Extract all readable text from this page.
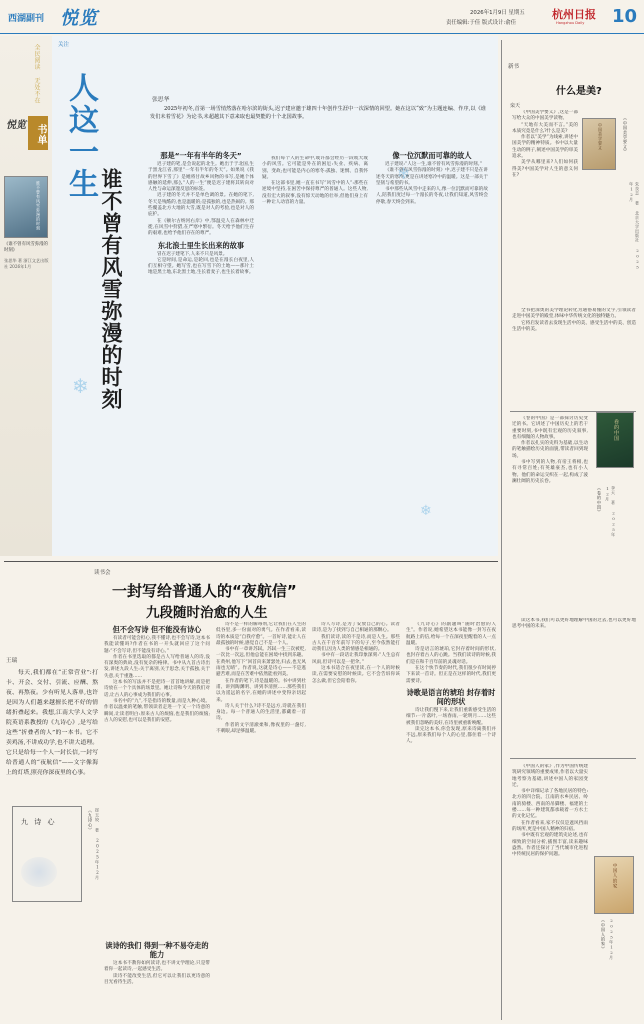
西湖副刊 悦览	2026年1月9日 星期五
责任编辑:于佳 版式设计:俞佳
杭州日报
Hangzhou Daily 10
全民阅读 无处不在
悦览 书单
谁不曾有风雪弥漫的时刻
《谁不曾有风雪弥漫的时刻》
张思华 著 浙江文艺出版社 2026年1月
关注
人这一生
谁不曾有风雪弥漫的时刻
张思华
2025年初冬,首第一场雪悄然落在哈尔滨的街头,迟子建应邀于雄四十年创作生涯中一次深情的回望。她在这以“致”为主题连编、作序,以《谁发们未着雪花》为论书,未超越其下意来取也最契能的十个北国故事。
❄
❄
❄
那是“一年有半年的冬天”

迟子建的笔,是会说起的北生。她出于于北国,生于黑龙江省,那里“一年有半年的冬天”。如果说《我的世界下雪了》是她将甘故乡风物的书写,是她个体感触的延伸,那么“人的一生”便是迟子建将其转向对人性与命运深邃反思的标签。

迟子建的冬天并不是单色调的景。在她的笔下,冬天是残酷的,也是温暖的;是孤独的,也是热闹的。那些覆盖北方大地的大雪,既是对人的考验,也是对人的庇护。

在《额尔古纳河右岸》中,鄂温克人在森林中迁徙,在风雪中狩猎,在严寒中繁衍。冬天给予他们生存的艰难,也给予他们存在的尊严。

东北浪士里生长出来的故事

冒在迟子建笔下,人来不只是风景。

它是时间,是命运,是轮回,也是在漫长白夜里,人们互相守望。她写雪,也在写雪下的土地——那片土地是黑土地,东北黑土地,生长着麦子,也生长着故事。

我们每个人的生命中,或许都会经历一段或大或小的风雪。它可能是外在的困厄:失业、疾病、离别、变故;也可能是内心的寒冬:孤独、迷惘、自我怀疑。

在这部书里,她一直在书写“风雪中的人”:那些在逆境中坚持,在困苦中保持尊严的普通人。这些人物,没有宏大的叙事,没有惊天动地的壮举,但他们身上有一种让人动容的力量。

像一位沉默而可靠的故人

迟子建说:“人这一生,谁不曾有风雪弥漫的时刻。”

《谁不曾有风雪弥漫的时刻》中,迟子建不只是在讲述冬天的寒冷,更是在讲述寒冷中的温暖。这是一部关于坚韧与希望的书。

书中那些从风雪中走来的人,像一位沉默而可靠的故人,陪我们度过每一个漫长的冬夜,让我们知道,风雪终会停歇,春天终会到来。

新书
什么是美?
栾天

《中国美学要义》,这是一部写给大众的中国美学读物。

“天地有大美而不言。”美的本质究竟是什么?什么是美?

作者以“美学”为线索,讲述中国美学的精神特质。书中以大量生动的例子,阐述中国美学的审美追求。

美学从哪里来?人们如何获得美?中国美学对人生的意义何在?

中国美学要义	《中国美学要义》
朱良志 著 北京大学出版社 2025年12月

全书把深奥的美学理论转化为通俗易懂的文字,引领读者走进中国美学的殿堂,体味中华传统文化的独特魅力。

它将启发读者去发现生活中的美、感受生活中的美、创造生活中的美。

《卷的中国》是一部探讨历史变迁的书。它讲述了中国历史上的若干重要时刻,书中既有宏观的历史叙事,也有细微的人物故事。

作者以扎实的史料为基础,以生动的笔触描绘历史的面貌,带读者回到现场。

书中写到的人物,有帝王将相,也有寻常百姓;有英雄豪杰,也有小人物。他们的命运交织在一起,构成了波澜壮阔的历史长卷。

卷的中国
《卷的中国》	李天 著 2025年12月

读这本书,我们可以更好地理解中国的过去,也可以更好地思考中国的未来。

《中国人的家》,作为中国传统建筑研究领域的重要成果,作者以大量实地考察为基础,讲述中国人的家园变迁。

书中详细记录了各地民居的特色:北方的四合院、江南的水乡民居、岭南的骑楼、西南的吊脚楼、福建的土楼……每一种建筑都承载着一方水土的文化记忆。

在作者看来,家不仅仅是遮风挡雨的场所,更是中国人精神的归宿。

书中既有宏观的建筑史论述,也有细致的空间分析,插图丰富,读来趣味盎然。作者还探讨了当代城市化进程中传统民居的保护问题。

中国人的家
《中国人的家》 2025年12月
读书会
一封写给普通人的“夜航信”
九段随时治愈的人生
王瑞
每天,我们都在“正常营业”:打卡、开会、交付、引流、应酬、熬夜、再熬夜。少有听见人落单,也许是因为人们越来越擅长把不好的情绪折叠起来。我想,江南大学人文学院英语系教授的《九诗心》,是写给这些“折叠者的人”的一本书。它不卖鸡汤,不讲成功学,也不讲大道理。它只是给每一个人一封长信,一封写给普通人的“夜航信”——文字像海上的灯塔,照亮你深夜里的心事。
但不会写诗 但不能没有诗心

有读者可能会担心,我不懂诗,也不会写诗,这本书我能读懂吗?作者在书的一开头就回应了这个问题:“不会写诗,但不能没有诗心。”

作者在书里选取的都是古人写给普通人的诗,没有深奥的典故,没有复杂的格律。书中从九首古诗出发,讲述九段人生:关于离别,关于思念,关于孤独,关于失意,关于重逢……

这本书的写法并不是把诗一首首地讲解,而是把诗放在一个个具体的场景里。她让诗和今天的我们对话,让古人的心事成为我们的心事。

书名中的“九”,不是指诗的数量,而是九种心境。作者以温柔的笔触,带领读者走进一个又一个诗意的瞬间,让读者明白:原来古人的烦恼,也是我们的烦恼;古人的安慰,也可以是我们的安慰。

九 诗 心	《九诗心》 崔玉姣 著 2025年12月
读诗的我们 得到一种不易夺走的能力

这本书不教你如何读诗,也不讲文学理论,只是带着你一起读诗,一起感受生活。

读诗不能改变生活,但它可以让我们以更诗意的目光看待生活。

诗不是一样的解毒剂,它让我们在人生的低谷里,多一份面对的勇气。在作者看来,读诗的本质是“自我疗愈”。一首好诗,能让人在最孤独的时候,感觉自己不是一个人。

书中有一章讲苏轼。苏轼一生三次被贬,一次比一次远,但他总能在困境中找到乐趣。在黄州,他写下“回首向来萧瑟处,归去,也无风雨也无晴”。作者说,这就是诗心——不是逃避苦难,而是在苦难中依然能看到美。

在作者的笔下,诗是温暖的。书中讲到杜甫、讲到陶渊明、讲到李清照……那些我们以为遥远的名字,在她的讲述中变得亲切起来。

诗人关于什么?诗不是远方,诗就在我们身边。每一个普通人的生活里,都藏着一首诗。

作者的文字清澈柔和,像夜里的一盏灯,不刺眼,却足够温暖。

诗人写诗,是为了安放自己的心。读者读诗,是为了找到与自己相通的那颗心。

我们读诗,读的不是诗,而是人生。那些古人在千百年前写下的句子,至今依然能打动我们,因为人类的情感是相通的。

书中有一段话让我印象深刻:“人生总有风雨,但诗可以是一把伞。”

这本书适合在夜里读,在一个人的时候读,在需要安慰的时候读。它不会告诉你该怎么做,但它会陪着你。

《九诗心》的副题叫“随时治愈的人生”。作者说,她希望这本书能像一封写在夜航路上的信,给每一个在深夜里醒着的人一点温暖。

诗是语言的琥珀,它封存着时间的形状,也封存着古人的心跳。当我们读诗的时候,我们是在和千百年前的灵魂对话。

在这个快节奏的时代,我们很少有时间停下来读一首诗。但正是在这样的时代,我们更需要诗。

诗歌是语言的琥珀 封存着时间的形状

诗让我们慢下来,让我们重新感受生活的细节:一片落叶,一场春雨,一轮明月……这些被我们忽略的美好,在诗里被重新唤醒。

读完这本书,你会发现,原来诗离我们并不远,原来我们每个人的心里,都住着一个诗人。
